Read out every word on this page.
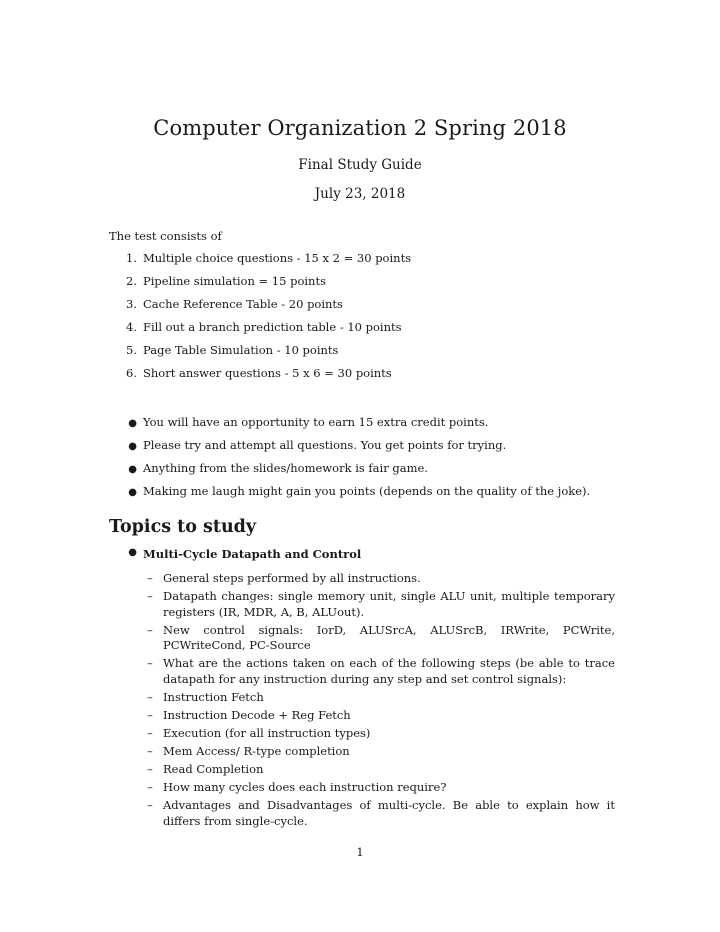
Computer Organization 2 Spring 2018
Final Study Guide
July 23, 2018
The test consists of
1. Multiple choice questions - 15 x 2 = 30 points
2. Pipeline simulation = 15 points
3. Cache Reference Table - 20 points
4. Fill out a branch prediction table - 10 points
5. Page Table Simulation - 10 points
6. Short answer questions - 5 x 6 = 30 points
● You will have an opportunity to earn 15 extra credit points.
● Please try and attempt all questions. You get points for trying.
● Anything from the slides/homework is fair game.
● Making me laugh might gain you points (depends on the quality of the joke).
Topics to study
● Multi-Cycle Datapath and Control
– General steps performed by all instructions.
– Datapath changes: single memory unit, single ALU unit, multiple temporary registers (IR, MDR, A, B, ALUout).
– New control signals: IorD, ALUSrcA, ALUSrcB, IRWrite, PCWrite, PCWriteCond, PC-Source
– What are the actions taken on each of the following steps (be able to trace datapath for any instruction during any step and set control signals):
– Instruction Fetch
– Instruction Decode + Reg Fetch
– Execution (for all instruction types)
– Mem Access/ R-type completion
– Read Completion
– How many cycles does each instruction require?
– Advantages and Disadvantages of multi-cycle. Be able to explain how it differs from single-cycle.
1
